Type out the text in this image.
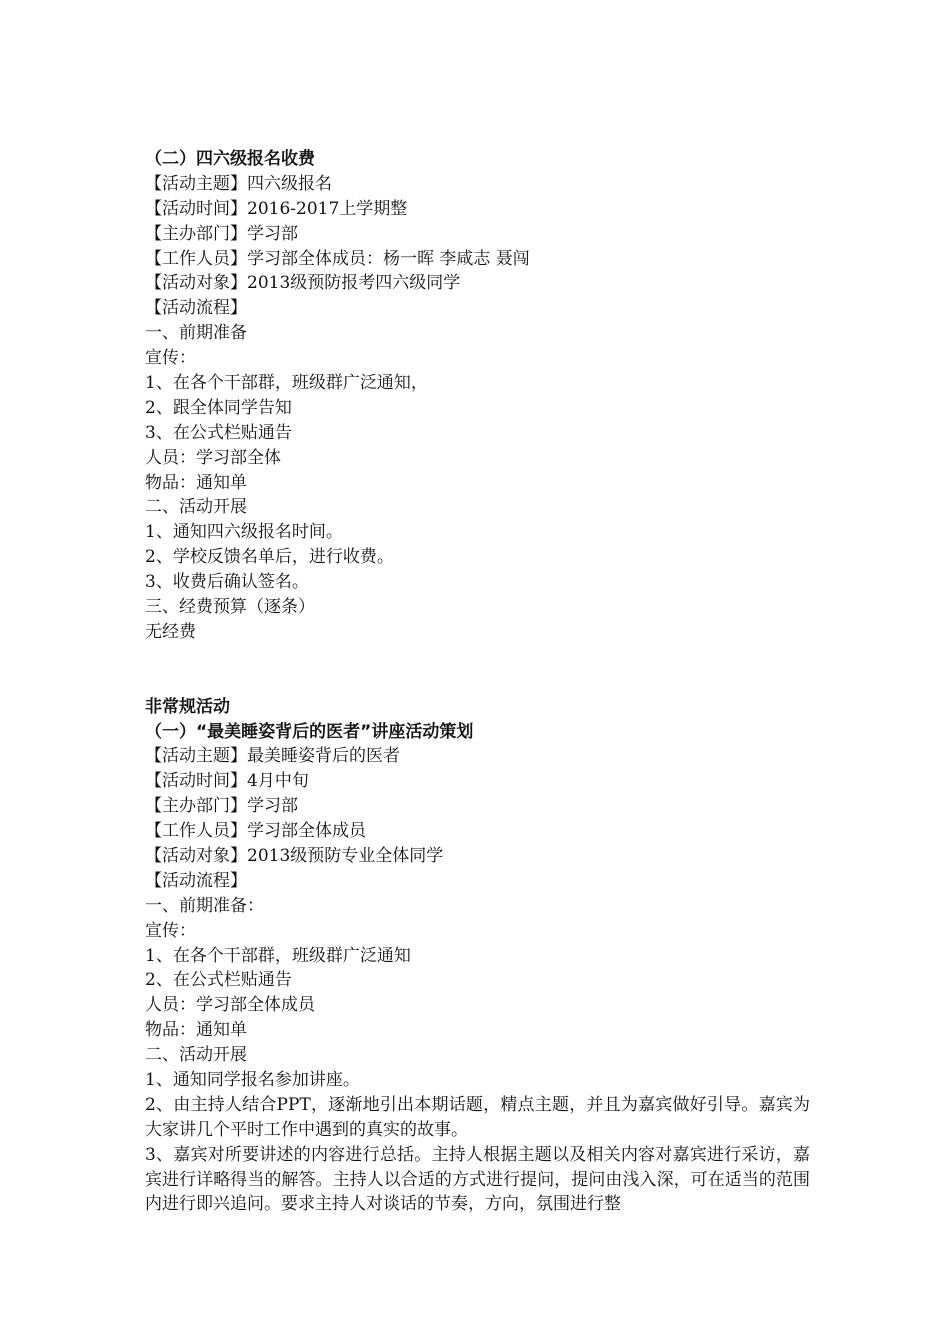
（二）四六级报名收费
【活动主题】四六级报名
【活动时间】2016-2017上学期整
【主办部门】学习部
【工作人员】学习部全体成员：杨一晖 李咸志 聂闯
【活动对象】2013级预防报考四六级同学
【活动流程】
一、前期准备
宣传：
1、在各个干部群，班级群广泛通知，
2、跟全体同学告知
3、在公式栏贴通告
人员：学习部全体
物品：通知单
二、活动开展
1、通知四六级报名时间。
2、学校反馈名单后，进行收费。
3、收费后确认签名。
三、经费预算（逐条）
无经费
非常规活动
（一）“最美睡姿背后的医者”讲座活动策划
【活动主题】最美睡姿背后的医者
【活动时间】4月中旬
【主办部门】学习部
【工作人员】学习部全体成员
【活动对象】2013级预防专业全体同学
【活动流程】
一、前期准备：
宣传：
1、在各个干部群，班级群广泛通知
2、在公式栏贴通告
人员：学习部全体成员
物品：通知单
二、活动开展
1、通知同学报名参加讲座。
2、由主持人结合PPT，逐渐地引出本期话题，精点主题，并且为嘉宾做好引导。嘉宾为大家讲几个平时工作中遇到的真实的故事。
3、嘉宾对所要讲述的内容进行总括。主持人根据主题以及相关内容对嘉宾进行采访，嘉宾进行详略得当的解答。主持人以合适的方式进行提问，提问由浅入深，可在适当的范围内进行即兴追问。要求主持人对谈话的节奏，方向，氛围进行整
